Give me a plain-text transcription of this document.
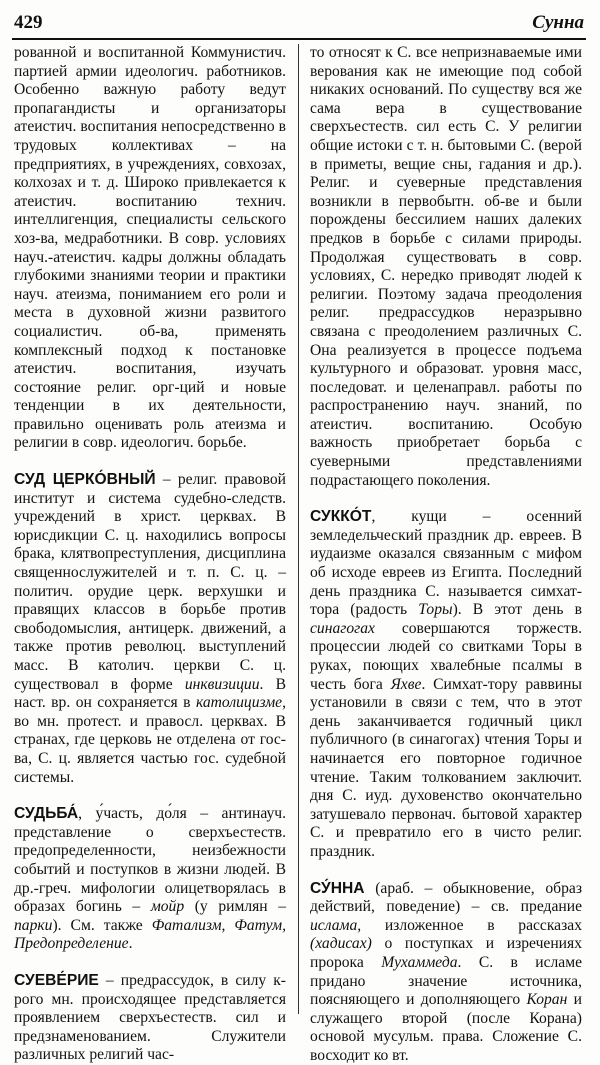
429	Сунна

рованной и воспитанной Коммунистич. партией армии идеологич. работников. Особенно важную работу ведут пропагандисты и организаторы атеистич. воспитания непосредственно в трудовых коллективах – на предприятиях, в учреждениях, совхозах, колхозах и т. д. Широко привлекается к атеистич. воспитанию технич. интеллигенция, специалисты сельского хоз-ва, медработники. В совр. условиях науч.-атеистич. кадры должны обладать глубокими знаниями теории и практики науч. атеизма, пониманием его роли и места в духовной жизни развитого социалистич. об-ва, применять комплексный подход к постановке атеистич. воспитания, изучать состояние религ. орг-ций и новые тенденции в их деятельности, правильно оценивать роль атеизма и религии в совр. идеологич. борьбе.

СУД ЦЕРКО́ВНЫЙ – религ. правовой институт и система судебно-следств. учреждений в христ. церквах. В юрисдикции С. ц. находились вопросы брака, клятвопреступления, дисциплина священнослужителей и т. п. С. ц. – политич. орудие церк. верхушки и правящих классов в борьбе против свободомыслия, антицерк. движений, а также против революц. выступлений масс. В католич. церкви С. ц. существовал в форме инквизиции. В наст. вр. он сохраняется в католицизме, во мн. протест. и правосл. церквах. В странах, где церковь не отделена от гос-ва, С. ц. является частью гос. судебной системы.

СУДЬБА́, у́часть, до́ля – антинауч. представление о сверхъестеств. предопределенности, неизбежности событий и поступков в жизни людей. В др.-греч. мифологии олицетворялась в образах богинь – мойр (у римлян – парки). См. также Фатализм, Фатум, Предопределение.

СУЕВЕ́РИЕ – предрассудок, в силу к-рого мн. происходящее представляется проявлением сверхъестеств. сил и предзнаменованием. Служители различных религий час-

то относят к С. все непризнаваемые ими верования как не имеющие под собой никаких оснований. По существу вся же сама вера в существование сверхъестеств. сил есть С. У религии общие истоки с т. н. бытовыми С. (верой в приметы, вещие сны, гадания и др.). Религ. и суеверные представления возникли в первобытн. об-ве и были порождены бессилием наших далеких предков в борьбе с силами природы. Продолжая существовать в совр. условиях, С. нередко приводят людей к религии. Поэтому задача преодоления религ. предрассудков неразрывно связана с преодолением различных С. Она реализуется в процессе подъема культурного и образоват. уровня масс, последоват. и целенаправл. работы по распространению науч. знаний, по атеистич. воспитанию. Особую важность приобретает борьба с суеверными представлениями подрастающего поколения.

СУККО́Т, кущи – осенний земледельческий праздник др. евреев. В иудаизме оказался связанным с мифом об исходе евреев из Египта. Последний день праздника С. называется симхат-тора (радость Торы). В этот день в синагогах совершаются торжеств. процессии людей со свитками Торы в руках, поющих хвалебные псалмы в честь бога Яхве. Симхат-тору раввины установили в связи с тем, что в этот день заканчивается годичный цикл публичного (в синагогах) чтения Торы и начинается его повторное годичное чтение. Таким толкованием заключит. дня С. иуд. духовенство окончательно затушевало первонач. бытовой характер С. и превратило его в чисто религ. праздник.

СУ́ННА (араб. – обыкновение, образ действий, поведение) – св. предание ислама, изложенное в рассказах (хадисах) о поступках и изречениях пророка Мухаммеда. С. в исламе придано значение источника, поясняющего и дополняющего Коран и служащего второй (после Корана) основой мусульм. права. Сложение С. восходит ко вт.
